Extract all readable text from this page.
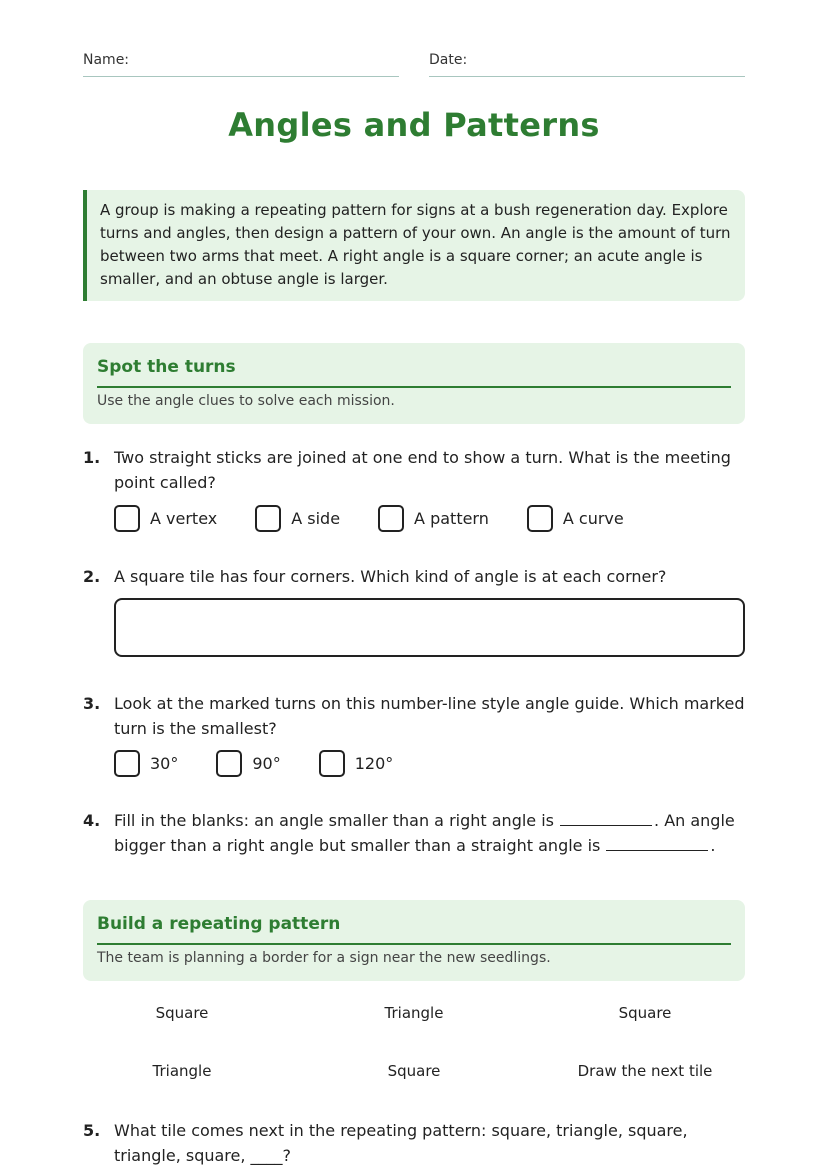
Name:	Date:
Angles and Patterns
A group is making a repeating pattern for signs at a bush regeneration day. Explore turns and angles, then design a pattern of your own. An angle is the amount of turn between two arms that meet. A right angle is a square corner; an acute angle is smaller, and an obtuse angle is larger.
Spot the turns
Use the angle clues to solve each mission.
1. Two straight sticks are joined at one end to show a turn. What is the meeting point called?
A vertex	A side	A pattern	A curve
2. A square tile has four corners. Which kind of angle is at each corner?
3. Look at the marked turns on this number-line style angle guide. Which marked turn is the smallest?
30°	90°	120°
4. Fill in the blanks: an angle smaller than a right angle is	. An angle bigger than a right angle but smaller than a straight angle is	.
Build a repeating pattern
The team is planning a border for a sign near the new seedlings.
Square	Triangle	Square
Triangle	Square	Draw the next tile
5. What tile comes next in the repeating pattern: square, triangle, square, triangle, square, ____?
